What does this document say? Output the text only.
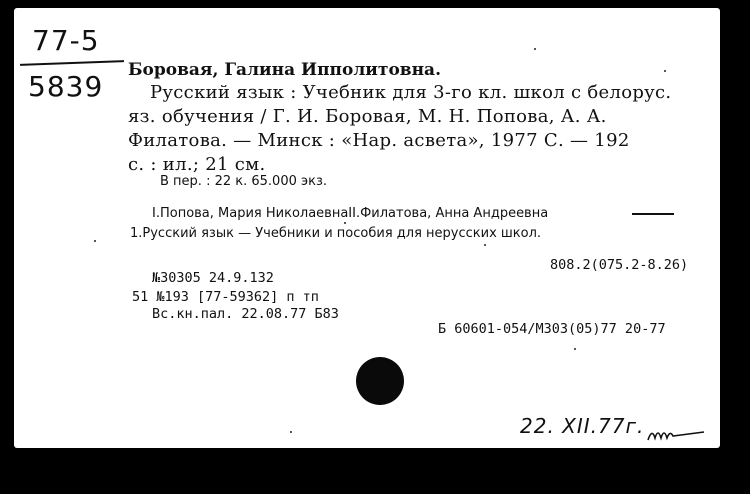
77-5
5839 Боровая, Галина Ипполитовна.
Русский язык : Учебник для 3-го кл. школ с белорус.
яз. обучения / Г. И. Боровая, М. Н. Попова, А. А.
Филатова. — Минск : «Нар. асвета», 1977 С. — 192
с. : ил.; 21 см.
В пер. : 22 к. 65.000 экз.
I.Попова, Мария НиколаевнаII.Филатова, Анна Андреевна
1.Русский язык — Учебники и пособия для нерусских школ.
808.2(075.2-8.26)
№30305 24.9.132
51 №193 [77-59362] п тп
Вс.кн.пал. 22.08.77 Б83
Б 60601-054/М303(05)77 20-77
22. XII.77г.
